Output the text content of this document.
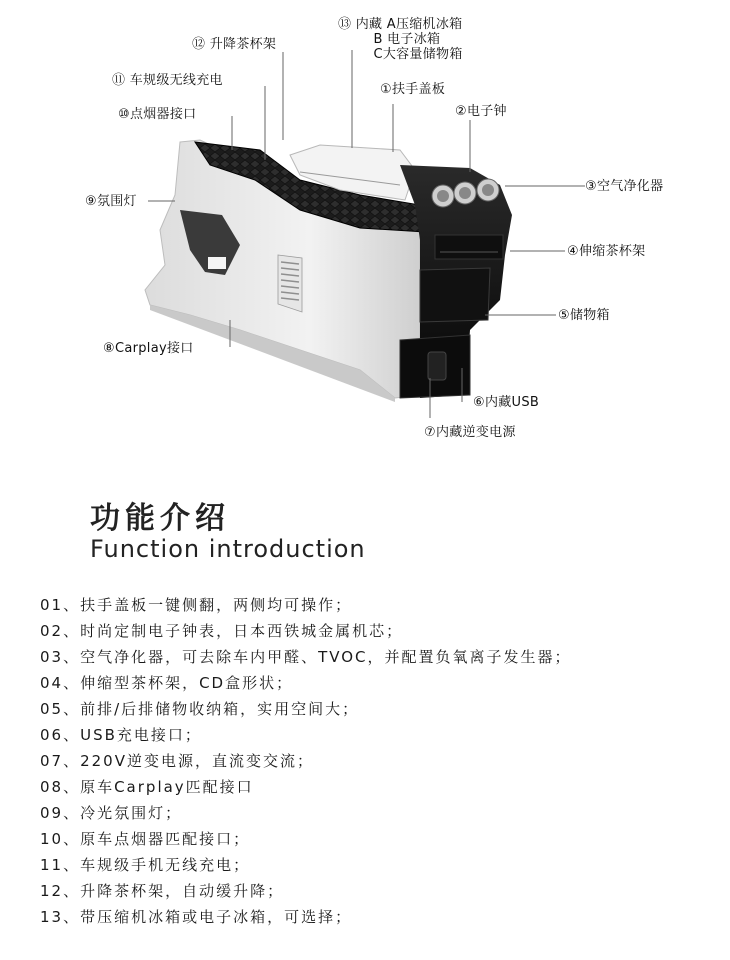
⑫ 升降茶杯架
⑬ 内藏 A压缩机冰箱
B 电子冰箱
C大容量储物箱
⑪ 车规级无线充电
①扶手盖板
⑩点烟器接口	②电子钟
③空气净化器
⑨氛围灯
④伸缩茶杯架
⑤储物箱
⑧Carplay接口
⑥内藏USB
⑦内藏逆变电源
功能介绍
Function introduction
01、扶手盖板一键侧翻，两侧均可操作；
02、时尚定制电子钟表，日本西铁城金属机芯；
03、空气净化器，可去除车内甲醛、TVOC，并配置负氧离子发生器；
04、伸缩型茶杯架，CD盒形状；
05、前排/后排储物收纳箱，实用空间大；
06、USB充电接口；
07、220V逆变电源，直流变交流；
08、原车Carplay匹配接口
09、冷光氛围灯；
10、原车点烟器匹配接口；
11、车规级手机无线充电；
12、升降茶杯架，自动缓升降；
13、带压缩机冰箱或电子冰箱，可选择；
